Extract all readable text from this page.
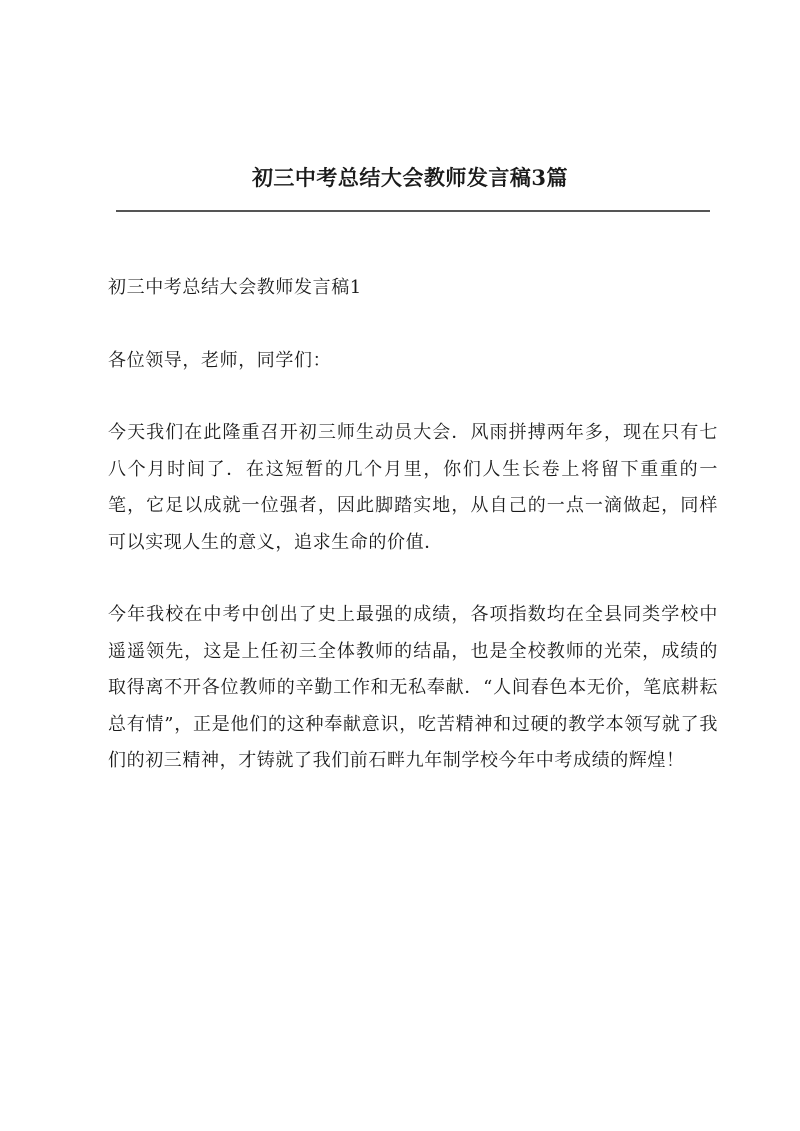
初三中考总结大会教师发言稿3篇

初三中考总结大会教师发言稿1

各位领导，老师，同学们：

今天我们在此隆重召开初三师生动员大会．风雨拼搏两年多，现在只有七八个月时间了．在这短暂的几个月里，你们人生长卷上将留下重重的一笔，它足以成就一位强者，因此脚踏实地，从自己的一点一滴做起，同样可以实现人生的意义，追求生命的价值．

今年我校在中考中创出了史上最强的成绩，各项指数均在全县同类学校中遥遥领先，这是上任初三全体教师的结晶，也是全校教师的光荣，成绩的取得离不开各位教师的辛勤工作和无私奉献．“人间春色本无价，笔底耕耘总有情”，正是他们的这种奉献意识，吃苦精神和过硬的教学本领写就了我们的初三精神，才铸就了我们前石畔九年制学校今年中考成绩的辉煌！
